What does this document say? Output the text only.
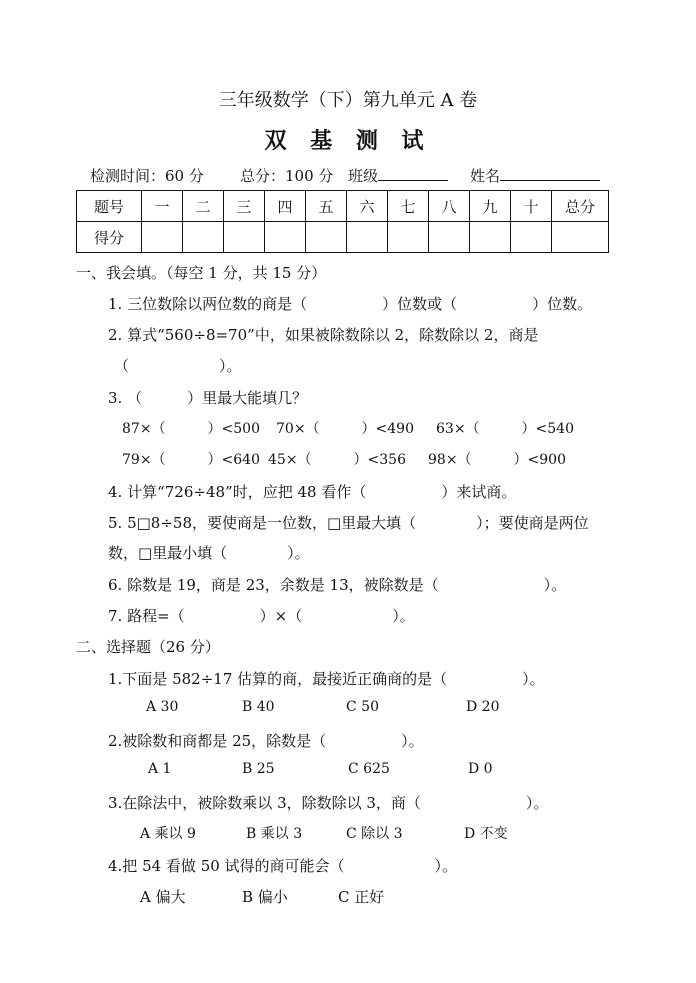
三年级数学（下）第九单元 A 卷
双 基 测 试
检测时间：60 分 总分：100 分 班级	姓名
题号	一	二	三	四	五	六	七	八	九	十	总分
得分											
一、我会填。（每空 1 分，共 15 分）
1. 三位数除以两位数的商是（　　　　　）位数或（　　　　　）位数。
2. 算式“560÷8=70”中，如果被除数除以 2，除数除以 2，商是
（　　　　　　）。
3. （　　　）里最大能填几？
87×（　　　）<500 70×（　　　）<490 63×（　　　）<540
79×（　　　）<640 45×（　　　）<356 98×（　　　）<900
4. 计算“726÷48”时，应把 48 看作（　　　　　）来试商。
5. 5□8÷58，要使商是一位数，□里最大填（　　　　）；要使商是两位
数，□里最小填（　　　　）。
6. 除数是 19，商是 23，余数是 13，被除数是（　　　　　　　）。
7. 路程=（　　　　　）×（　　　　　　）。
二、选择题（26 分）
1.下面是 582÷17 估算的商，最接近正确商的是（　　　　　）。
A 30	B 40	C 50	D 20
2.被除数和商都是 25，除数是（　　　　　）。
A 1	B 25	C 625	D 0
3.在除法中，被除数乘以 3，除数除以 3，商（　　　　　　　）。
A 乘以 9	B 乘以 3	C 除以 3	D 不变
4.把 54 看做 50 试得的商可能会（　　　　　　）。
A 偏大	B 偏小	C 正好
